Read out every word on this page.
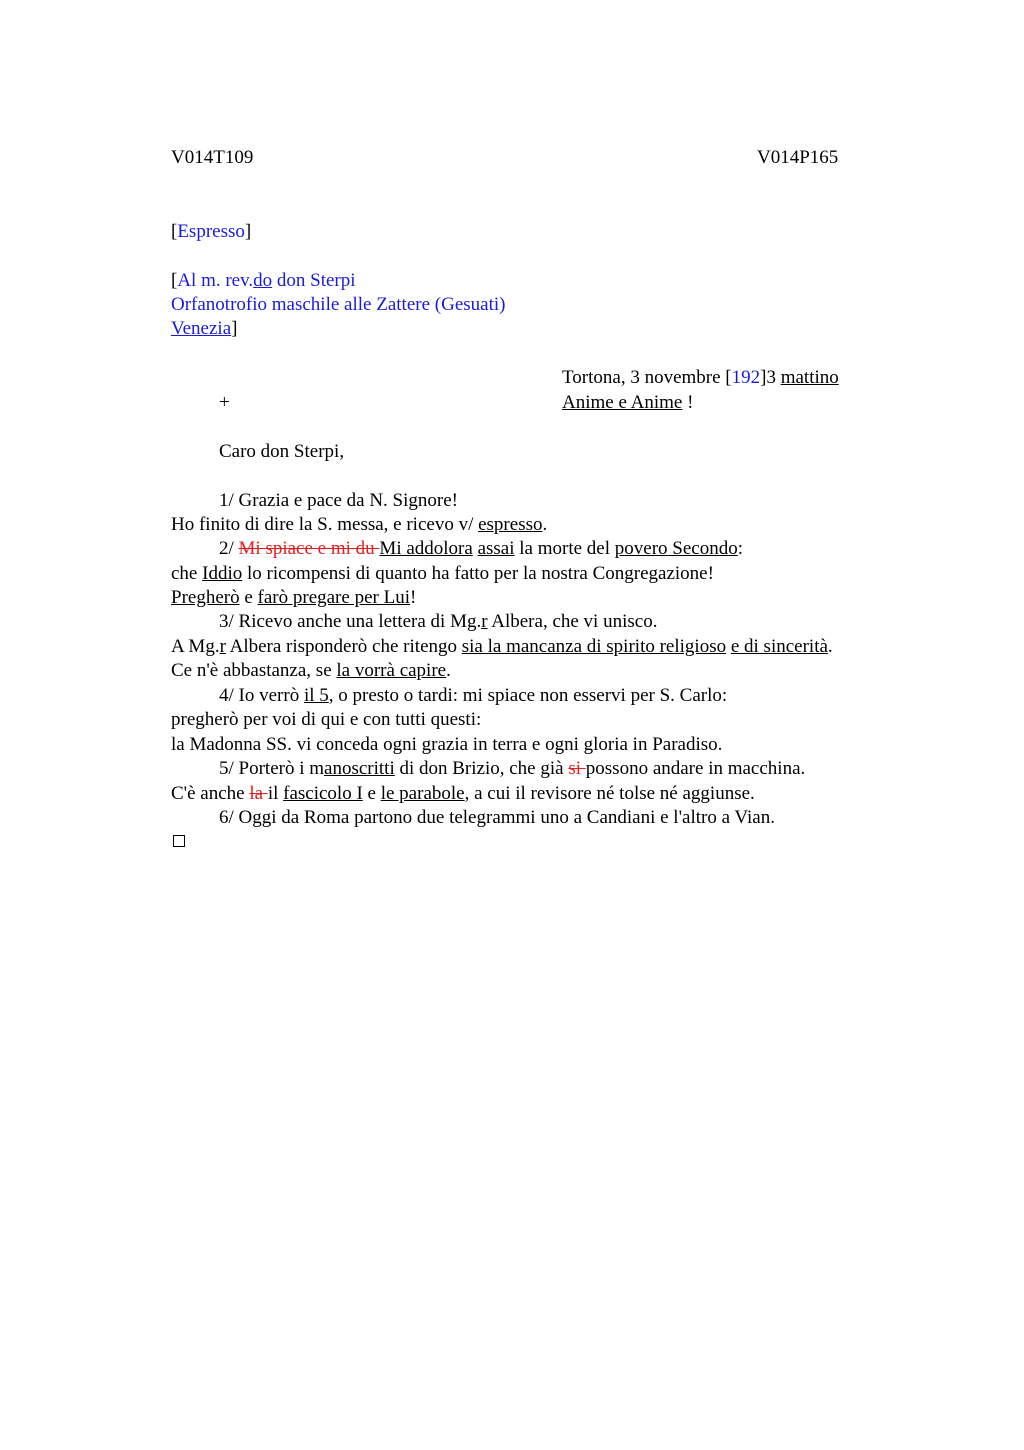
V014T109	V014P165
[Espresso]
[Al m. rev.do don Sterpi
Orfanotrofio maschile alle Zattere (Gesuati)
Venezia]
Tortona, 3 novembre [192]3 mattino
+	Anime e Anime !
Caro don Sterpi,
1/ Grazia e pace da N. Signore!
Ho finito di dire la S. messa, e ricevo v/ espresso.
2/ Mi spiace e mi du Mi addolora assai la morte del povero Secondo:
che Iddio lo ricompensi di quanto ha fatto per la nostra Congregazione!
Pregherò e farò pregare per Lui!
3/ Ricevo anche una lettera di Mg.r Albera, che vi unisco.
A Mg.r Albera risponderò che ritengo sia la mancanza di spirito religioso e di sincerità.
Ce n'è abbastanza, se la vorrà capire.
4/ Io verrò il 5, o presto o tardi: mi spiace non esservi per S. Carlo:
pregherò per voi di qui e con tutti questi:
la Madonna SS. vi conceda ogni grazia in terra e ogni gloria in Paradiso.
5/ Porterò i manoscritti di don Brizio, che già si possono andare in macchina.
C'è anche la il fascicolo I e le parabole, a cui il revisore né tolse né aggiunse.
6/ Oggi da Roma partono due telegrammi uno a Candiani e l'altro a Vian.
